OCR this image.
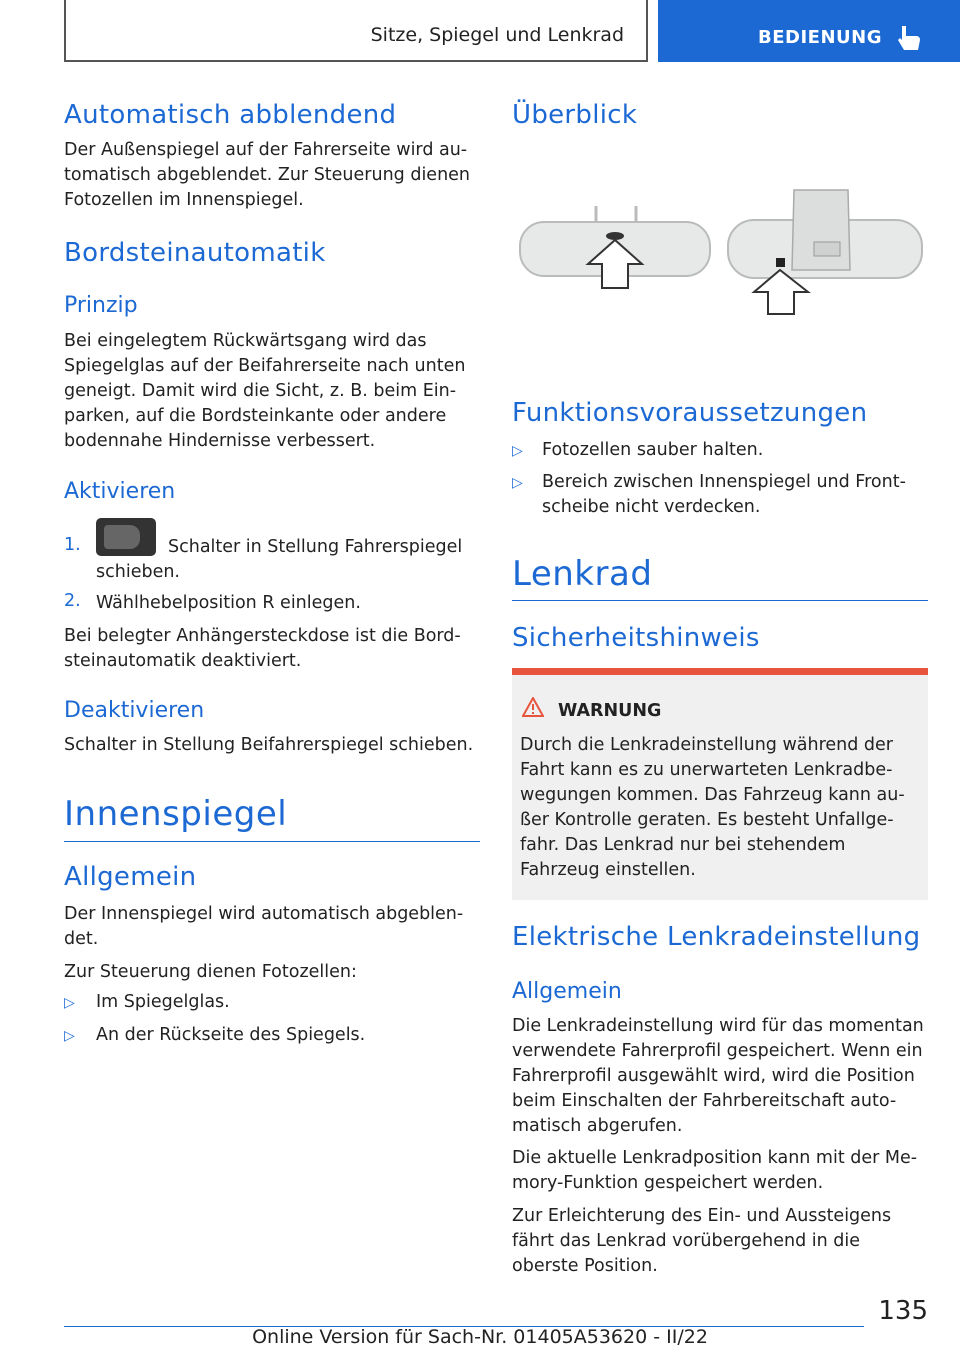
Sitze, Spiegel und Lenkrad	BEDIENUNG
Automatisch abblendend
Der Außenspiegel auf der Fahrerseite wird au-
tomatisch abgeblendet. Zur Steuerung dienen
Fotozellen im Innenspiegel.
Bordsteinautomatik
Prinzip
Bei eingelegtem Rückwärtsgang wird das
Spiegelglas auf der Beifahrerseite nach unten
geneigt. Damit wird die Sicht, z. B. beim Ein-
parken, auf die Bordsteinkante oder andere
bodennahe Hindernisse verbessert.
Aktivieren
1.	Schalter in Stellung Fahrerspiegel
schieben.
2. Wählhebelposition R einlegen.
Bei belegter Anhängersteckdose ist die Bord-
steinautomatik deaktiviert.
Deaktivieren
Schalter in Stellung Beifahrerspiegel schieben.
Innenspiegel
Allgemein
Der Innenspiegel wird automatisch abgeblen-
det.
Zur Steuerung dienen Fotozellen:
▷ Im Spiegelglas.
▷ An der Rückseite des Spiegels.
Überblick
Funktionsvoraussetzungen
▷ Fotozellen sauber halten.
▷ Bereich zwischen Innenspiegel und Front-
scheibe nicht verdecken.
Lenkrad
Sicherheitshinweis
WARNUNG
Durch die Lenkradeinstellung während der
Fahrt kann es zu unerwarteten Lenkradbe-
wegungen kommen. Das Fahrzeug kann au-
ßer Kontrolle geraten. Es besteht Unfallge-
fahr. Das Lenkrad nur bei stehendem
Fahrzeug einstellen.
Elektrische Lenkradeinstellung
Allgemein
Die Lenkradeinstellung wird für das momentan
verwendete Fahrerprofil gespeichert. Wenn ein
Fahrerprofil ausgewählt wird, wird die Position
beim Einschalten der Fahrbereitschaft auto-
matisch abgerufen.
Die aktuelle Lenkradposition kann mit der Me-
mory-Funktion gespeichert werden.
Zur Erleichterung des Ein- und Aussteigens
fährt das Lenkrad vorübergehend in die
oberste Position.
135
Online Version für Sach-Nr. 01405A53620 - II/22
